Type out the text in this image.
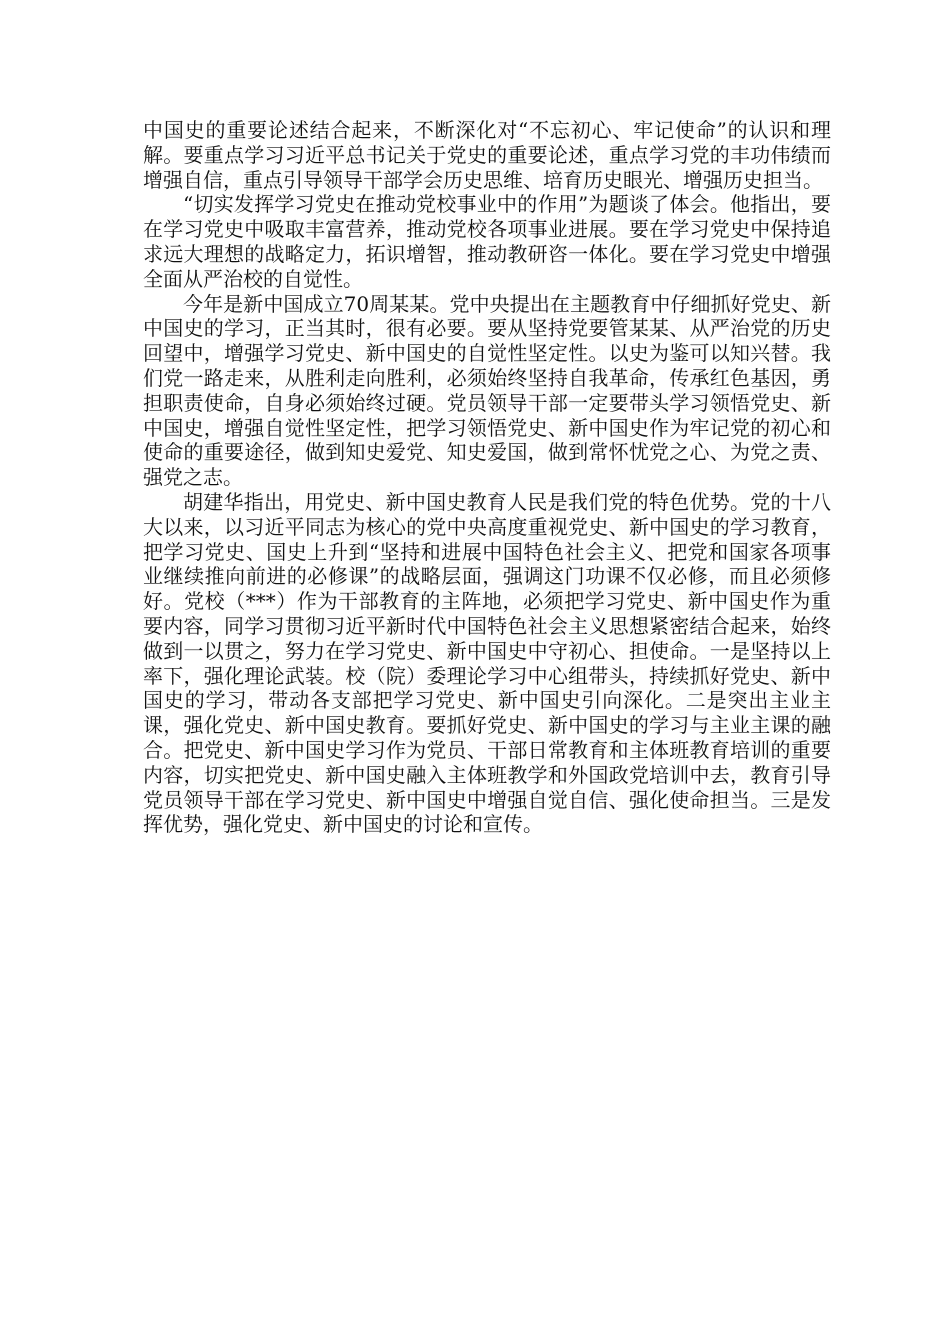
中国史的重要论述结合起来，不断深化对“不忘初心、牢记使命”的认识和理解。要重点学习习近平总书记关于党史的重要论述，重点学习党的丰功伟绩而增强自信，重点引导领导干部学会历史思维、培育历史眼光、增强历史担当。

“切实发挥学习党史在推动党校事业中的作用”为题谈了体会。他指出，要在学习党史中吸取丰富营养，推动党校各项事业进展。要在学习党史中保持追求远大理想的战略定力，拓识增智，推动教研咨一体化。要在学习党史中增强全面从严治校的自觉性。

今年是新中国成立70周某某。党中央提出在主题教育中仔细抓好党史、新中国史的学习，正当其时，很有必要。要从坚持党要管某某、从严治党的历史回望中，增强学习党史、新中国史的自觉性坚定性。以史为鉴可以知兴替。我们党一路走来，从胜利走向胜利，必须始终坚持自我革命，传承红色基因，勇担职责使命，自身必须始终过硬。党员领导干部一定要带头学习领悟党史、新中国史，增强自觉性坚定性，把学习领悟党史、新中国史作为牢记党的初心和使命的重要途径，做到知史爱党、知史爱国，做到常怀忧党之心、为党之责、强党之志。

胡建华指出，用党史、新中国史教育人民是我们党的特色优势。党的十八大以来，以习近平同志为核心的党中央高度重视党史、新中国史的学习教育，把学习党史、国史上升到“坚持和进展中国特色社会主义、把党和国家各项事业继续推向前进的必修课”的战略层面，强调这门功课不仅必修，而且必须修好。党校（***）作为干部教育的主阵地，必须把学习党史、新中国史作为重要内容，同学习贯彻习近平新时代中国特色社会主义思想紧密结合起来，始终做到一以贯之，努力在学习党史、新中国史中守初心、担使命。一是坚持以上率下，强化理论武装。校（院）委理论学习中心组带头，持续抓好党史、新中国史的学习，带动各支部把学习党史、新中国史引向深化。二是突出主业主课，强化党史、新中国史教育。要抓好党史、新中国史的学习与主业主课的融合。把党史、新中国史学习作为党员、干部日常教育和主体班教育培训的重要内容，切实把党史、新中国史融入主体班教学和外国政党培训中去，教育引导党员领导干部在学习党史、新中国史中增强自觉自信、强化使命担当。三是发挥优势，强化党史、新中国史的讨论和宣传。
